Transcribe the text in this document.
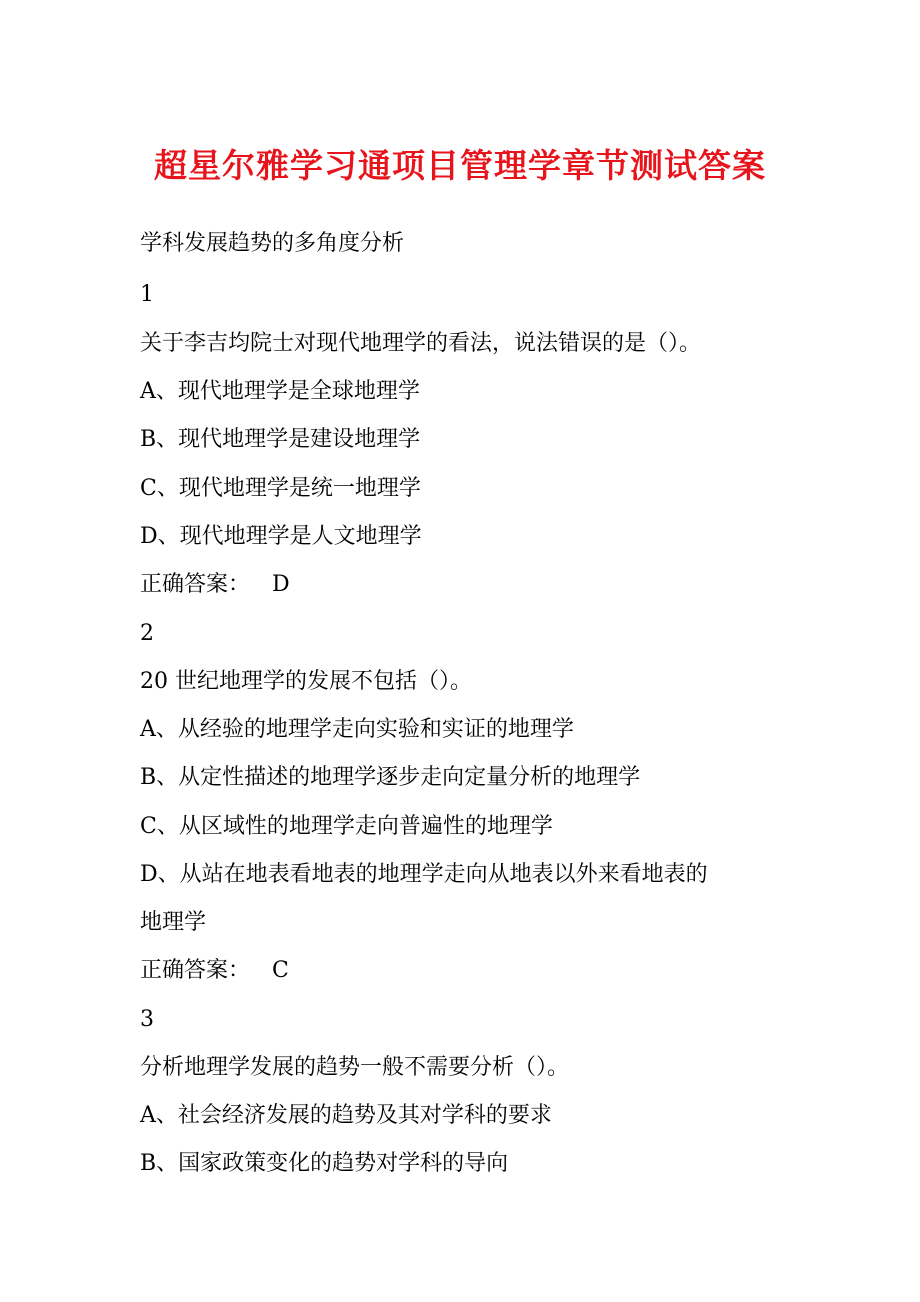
超星尔雅学习通项目管理学章节测试答案
学科发展趋势的多角度分析
1
关于李吉均院士对现代地理学的看法，说法错误的是（）。
A、现代地理学是全球地理学
B、现代地理学是建设地理学
C、现代地理学是统一地理学
D、现代地理学是人文地理学
正确答案： D
2
20 世纪地理学的发展不包括（）。
A、从经验的地理学走向实验和实证的地理学
B、从定性描述的地理学逐步走向定量分析的地理学
C、从区域性的地理学走向普遍性的地理学
D、从站在地表看地表的地理学走向从地表以外来看地表的
地理学
正确答案： C
3
分析地理学发展的趋势一般不需要分析（）。
A、社会经济发展的趋势及其对学科的要求
B、国家政策变化的趋势对学科的导向
